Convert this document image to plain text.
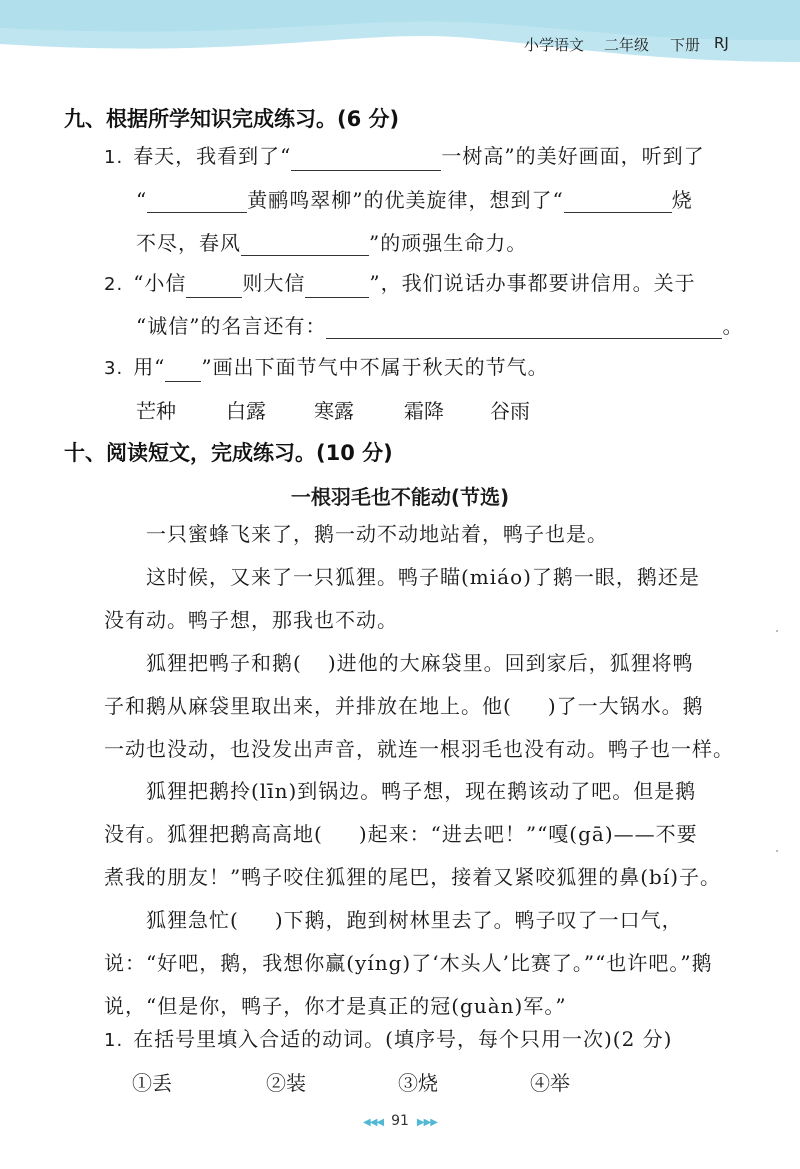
小学语文 二年级 下册 RJ
九、根据所学知识完成练习。(6 分)
1. 春天，我看到了“	一树高”的美好画面，听到了
“	黄鹂鸣翠柳”的优美旋律，想到了“	烧
不尽，春风	”的顽强生命力。
2. “小信	则大信	”，我们说话办事都要讲信用。关于
“诚信”的名言还有：	。
3. 用“ ”画出下面节气中不属于秋天的节气。
芒种	白露 寒露	霜降 谷雨
十、阅读短文，完成练习。(10 分)
一根羽毛也不能动(节选)
一只蜜蜂飞来了，鹅一动不动地站着，鸭子也是。
这时候，又来了一只狐狸。鸭子瞄(miáo)了鹅一眼，鹅还是
没有动。鸭子想，那我也不动。
狐狸把鸭子和鹅( )进他的大麻袋里。回到家后，狐狸将鸭
子和鹅从麻袋里取出来，并排放在地上。他( )了一大锅水。鹅
一动也没动，也没发出声音，就连一根羽毛也没有动。鸭子也一样。
狐狸把鹅拎(līn)到锅边。鸭子想，现在鹅该动了吧。但是鹅
没有。狐狸把鹅高高地( )起来：“进去吧！”“嘎(gā)——不要
煮我的朋友！”鸭子咬住狐狸的尾巴，接着又紧咬狐狸的鼻(bí)子。
狐狸急忙( )下鹅，跑到树林里去了。鸭子叹了一口气，
说：“好吧，鹅，我想你赢(yíng)了‘木头人’比赛了。”“也许吧。”鹅
说，“但是你，鸭子，你才是真正的冠(guàn)军。”
1. 在括号里填入合适的动词。(填序号，每个只用一次)(2 分)
①丢	②装	③烧	④举
◀◀◀ 91 ▶▶▶
